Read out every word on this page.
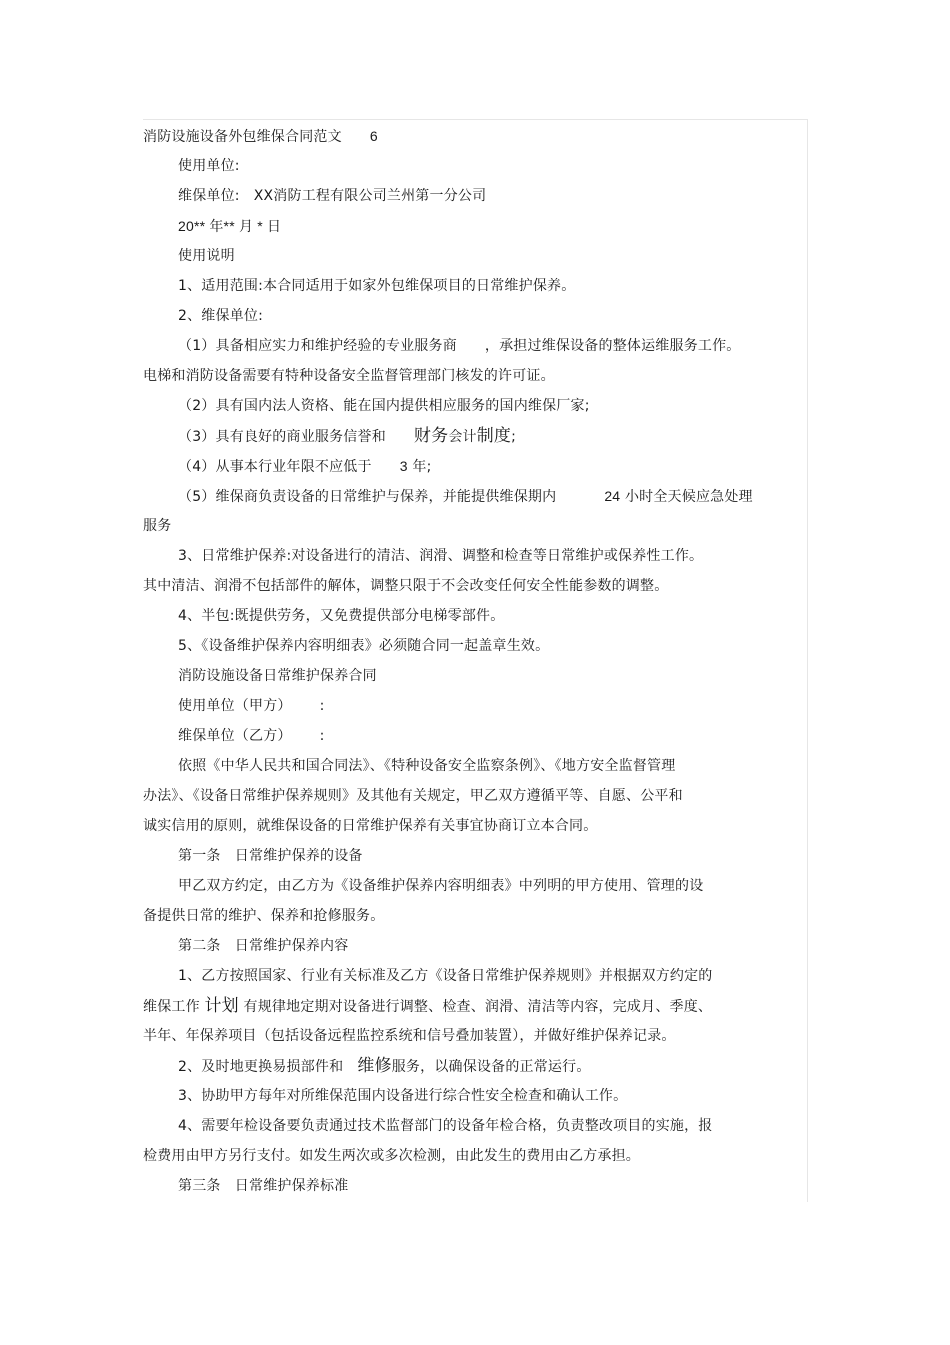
消防设施设备外包维保合同范文 6
使用单位:
维保单位: XX消防工程有限公司兰州第一分公司
20** 年** 月 * 日
使用说明
1、适用范围:本合同适用于如家外包维保项目的日常维护保养。
2、维保单位:
（1）具备相应实力和维护经验的专业服务商 ，承担过维保设备的整体运维服务工作。
电梯和消防设备需要有特种设备安全监督管理部门核发的许可证。
（2）具有国内法人资格、能在国内提供相应服务的国内维保厂家;
（3）具有良好的商业服务信誉和 财务会计制度;
（4）从事本行业年限不应低于 3 年;
（5）维保商负责设备的日常维护与保养，并能提供维保期内	24 小时全天候应急处理
服务
3、日常维护保养:对设备进行的清洁、润滑、调整和检查等日常维护或保养性工作。
其中清洁、润滑不包括部件的解体，调整只限于不会改变任何安全性能参数的调整。
4、半包:既提供劳务，又免费提供部分电梯零部件。
5、《设备维护保养内容明细表》必须随合同一起盖章生效。
消防设施设备日常维护保养合同
使用单位（甲方） :
维保单位（乙方） :
依照《中华人民共和国合同法》、《特种设备安全监察条例》、《地方安全监督管理
办法》、《设备日常维护保养规则》及其他有关规定，甲乙双方遵循平等、自愿、公平和
诚实信用的原则，就维保设备的日常维护保养有关事宜协商订立本合同。
第一条　日常维护保养的设备
甲乙双方约定，由乙方为《设备维护保养内容明细表》中列明的甲方使用、管理的设
备提供日常的维护、保养和抢修服务。
第二条　日常维护保养内容
1、乙方按照国家、行业有关标准及乙方《设备日常维护保养规则》并根据双方约定的
维保工作 计划 有规律地定期对设备进行调整、检查、润滑、清洁等内容，完成月、季度、
半年、年保养项目（包括设备远程监控系统和信号叠加装置），并做好维护保养记录。
2、及时地更换易损部件和 维修服务，以确保设备的正常运行。
3、协助甲方每年对所维保范围内设备进行综合性安全检查和确认工作。
4、需要年检设备要负责通过技术监督部门的设备年检合格，负责整改项目的实施，报
检费用由甲方另行支付。如发生两次或多次检测，由此发生的费用由乙方承担。
第三条　日常维护保养标准
